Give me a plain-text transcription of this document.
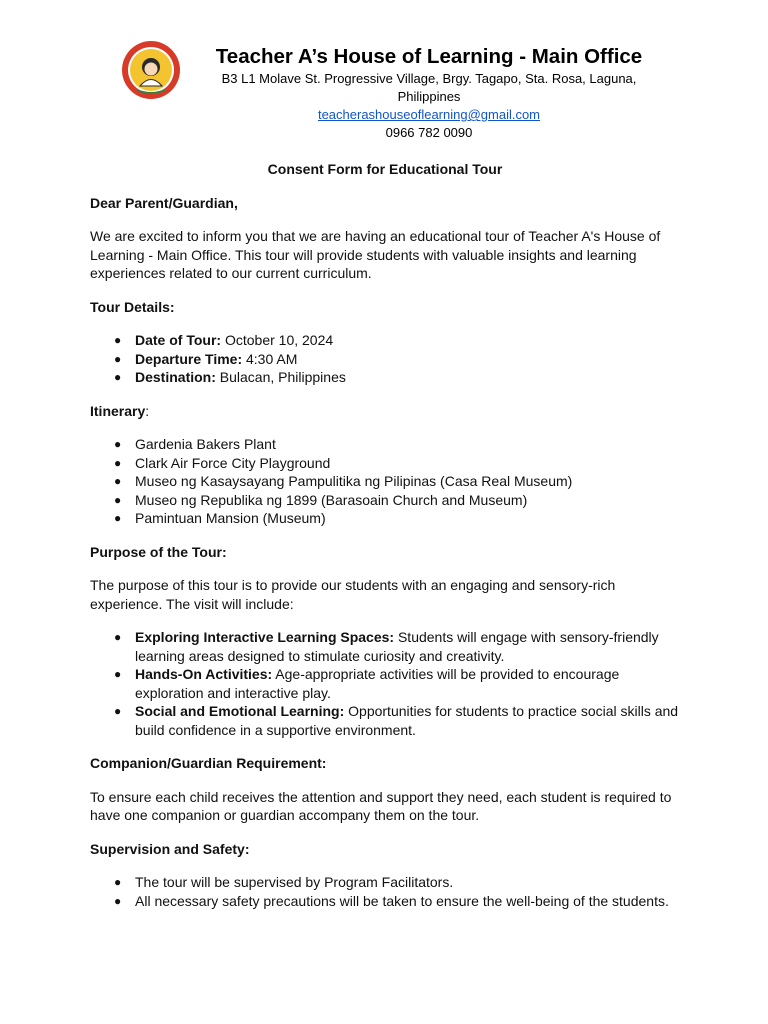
Teacher A’s House of Learning - Main Office
B3 L1 Molave St. Progressive Village, Brgy. Tagapo, Sta. Rosa, Laguna, Philippines
teacherashouseoflearning@gmail.com
0966 782 0090
Consent Form for Educational Tour

Dear Parent/Guardian,

We are excited to inform you that we are having an educational tour of Teacher A's House of Learning - Main Office. This tour will provide students with valuable insights and learning experiences related to our current curriculum.

Tour Details:
● Date of Tour: October 10, 2024
● Departure Time: 4:30 AM
● Destination: Bulacan, Philippines
Itinerary:
● Gardenia Bakers Plant
● Clark Air Force City Playground
● Museo ng Kasaysayang Pampulitika ng Pilipinas (Casa Real Museum)
● Museo ng Republika ng 1899 (Barasoain Church and Museum)
● Pamintuan Mansion (Museum)
Purpose of the Tour:

The purpose of this tour is to provide our students with an engaging and sensory-rich experience. The visit will include:

● Exploring Interactive Learning Spaces: Students will engage with sensory-friendly learning areas designed to stimulate curiosity and creativity.
● Hands-On Activities: Age-appropriate activities will be provided to encourage exploration and interactive play.
● Social and Emotional Learning: Opportunities for students to practice social skills and build confidence in a supportive environment.
Companion/Guardian Requirement:

To ensure each child receives the attention and support they need, each student is required to have one companion or guardian accompany them on the tour.

Supervision and Safety:
● The tour will be supervised by Program Facilitators.
● All necessary safety precautions will be taken to ensure the well-being of the students.
